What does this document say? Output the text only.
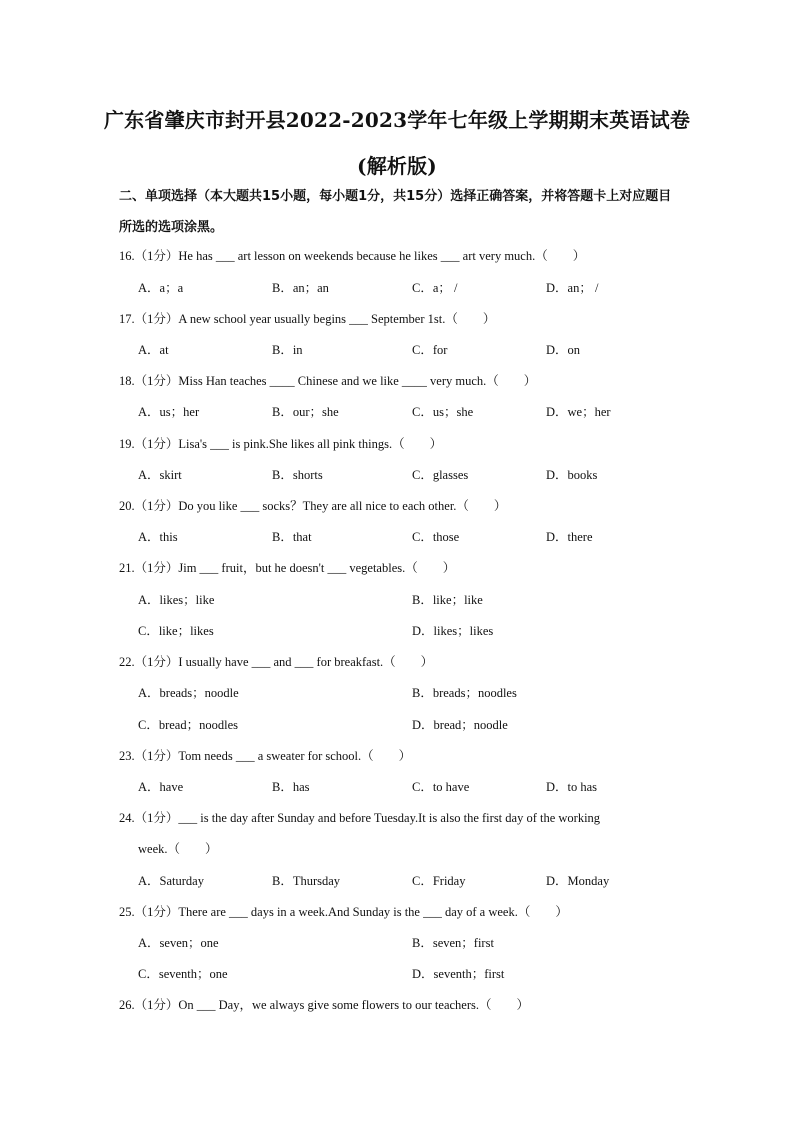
广东省肇庆市封开县2022-2023学年七年级上学期期末英语试卷
(解析版)
二、单项选择（本大题共15小题，每小题1分，共15分）选择正确答案，并将答题卡上对应题目所选的选项涂黑。
16.（1分）He has ___ art lesson on weekends because he likes ___ art very much.（　　）
A．a；a	B．an；an	C．a； /	D．an； /
17.（1分）A new school year usually begins ___ September 1st.（　　）
A．at	B．in	C．for	D．on
18.（1分）Miss Han teaches ____ Chinese and we like ____ very much.（　　）
A．us；her	B．our；she	C．us；she	D．we；her
19.（1分）Lisa's ___ is pink.She likes all pink things.（　　）
A．skirt	B．shorts	C．glasses	D．books
20.（1分）Do you like ___ socks？They are all nice to each other.（　　）
A．this	B．that	C．those	D．there
21.（1分）Jim ___ fruit，but he doesn't ___ vegetables.（　　）
A．likes；like	B．like；like
C．like；likes	D．likes；likes
22.（1分）I usually have ___ and ___ for breakfast.（　　）
A．breads；noodle	B．breads；noodles
C．bread；noodles	D．bread；noodle
23.（1分）Tom needs ___ a sweater for school.（　　）
A．have	B．has	C．to have	D．to has
24.（1分）___ is the day after Sunday and before Tuesday.It is also the first day of the working
week.（　　）
A．Saturday	B．Thursday	C．Friday	D．Monday
25.（1分）There are ___ days in a week.And Sunday is the ___ day of a week.（　　）
A．seven；one	B．seven；first
C．seventh；one	D．seventh；first
26.（1分）On ___ Day，we always give some flowers to our teachers.（　　）
